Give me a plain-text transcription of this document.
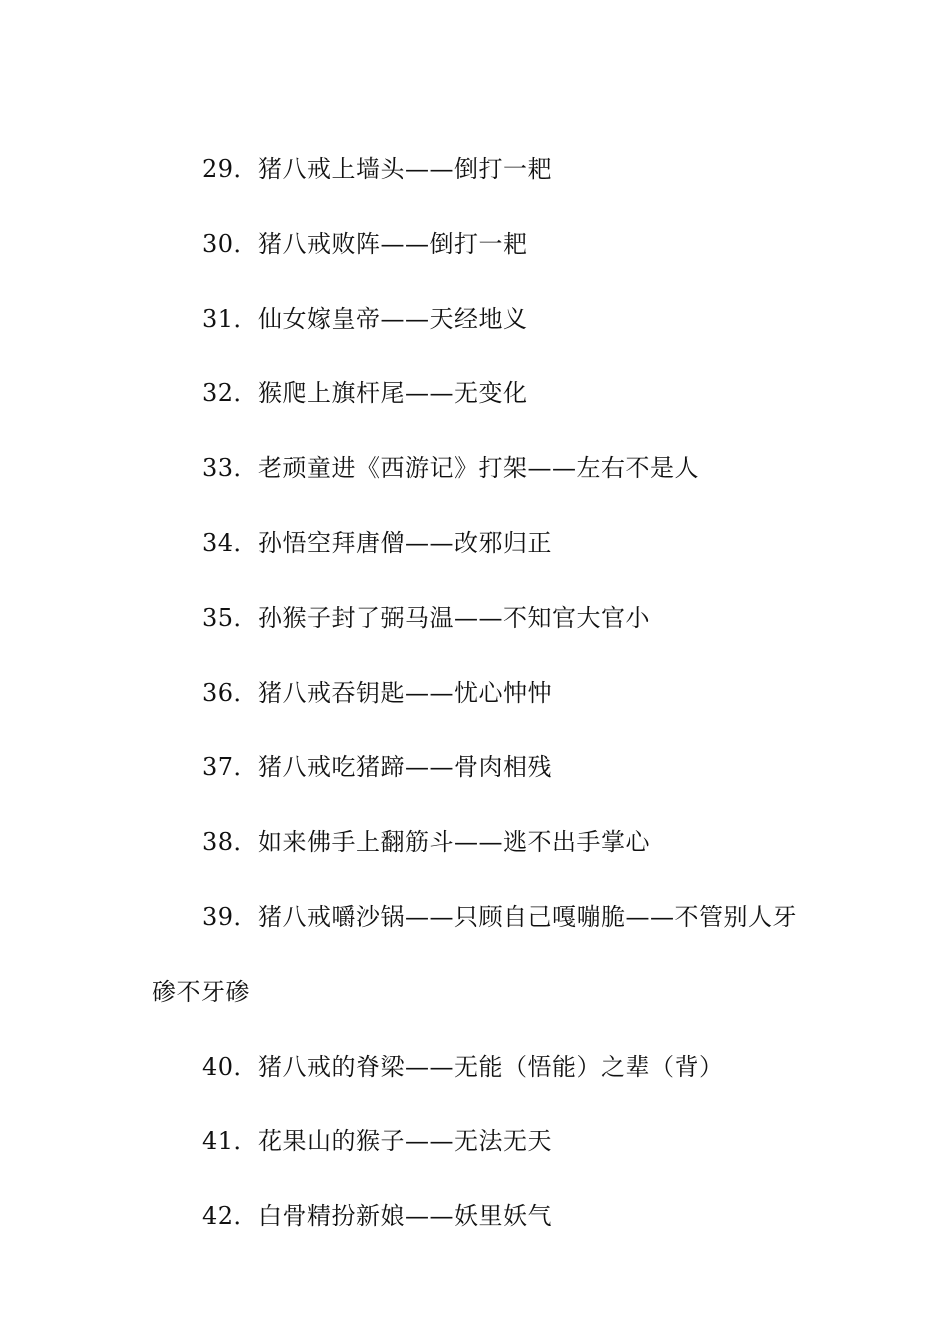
29．猪八戒上墙头——倒打一耙
30．猪八戒败阵——倒打一耙
31．仙女嫁皇帝——天经地义
32．猴爬上旗杆尾——无变化
33．老顽童进《西游记》打架——左右不是人
34．孙悟空拜唐僧——改邪归正
35．孙猴子封了弼马温——不知官大官小
36．猪八戒吞钥匙——忧心忡忡
37．猪八戒吃猪蹄——骨肉相残
38．如来佛手上翻筋斗——逃不出手掌心
39．猪八戒嚼沙锅——只顾自己嘎嘣脆——不管别人牙碜不牙碜
40．猪八戒的脊梁——无能（悟能）之辈（背）
41．花果山的猴子——无法无天
42．白骨精扮新娘——妖里妖气
